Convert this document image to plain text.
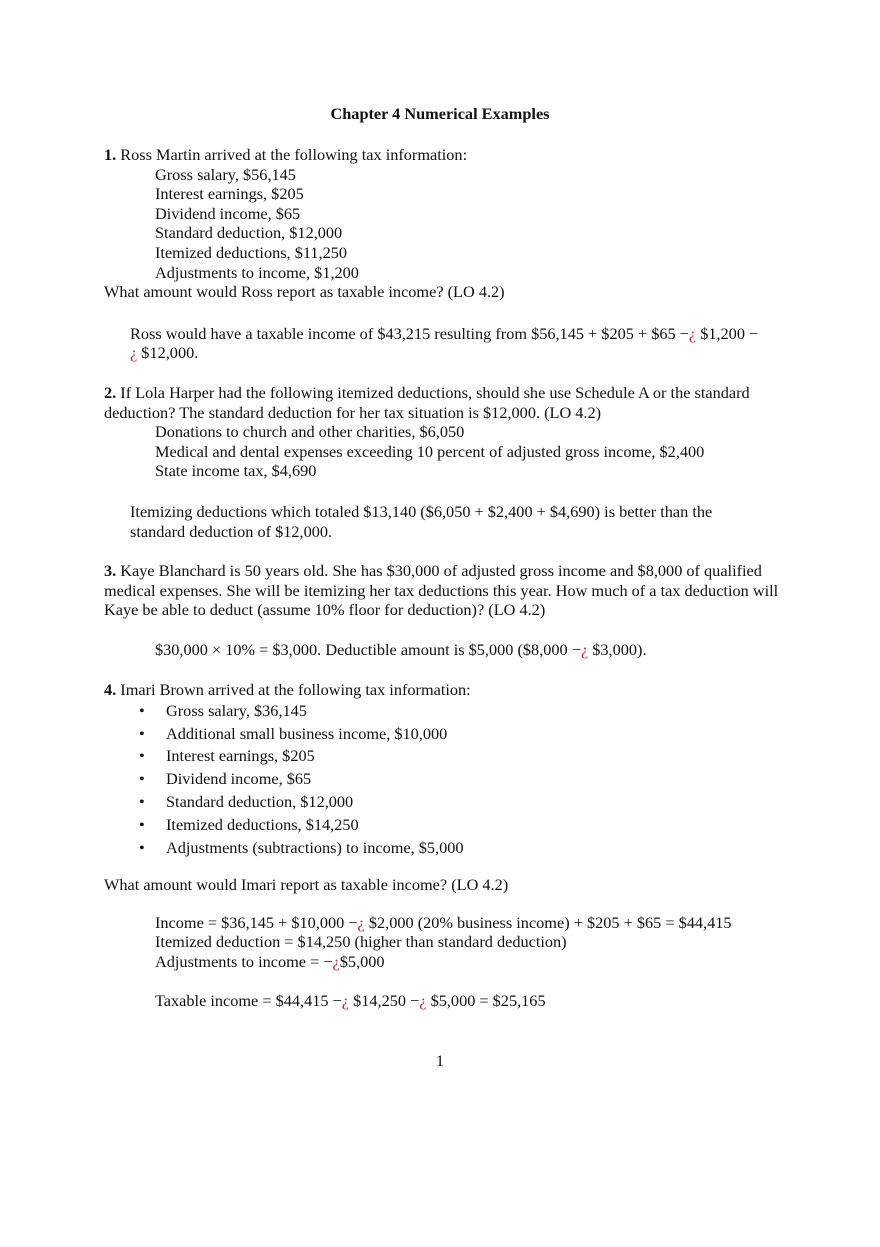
Chapter 4 Numerical Examples
1. Ross Martin arrived at the following tax information:
Gross salary, $56,145
Interest earnings, $205
Dividend income, $65
Standard deduction, $12,000
Itemized deductions, $11,250
Adjustments to income, $1,200
What amount would Ross report as taxable income? (LO 4.2)
Ross would have a taxable income of $43,215 resulting from $56,145 + $205 + $65 −¿ $1,200 −¿ $12,000.
2. If Lola Harper had the following itemized deductions, should she use Schedule A or the standard deduction? The standard deduction for her tax situation is $12,000. (LO 4.2)
Donations to church and other charities, $6,050
Medical and dental expenses exceeding 10 percent of adjusted gross income, $2,400
State income tax, $4,690
Itemizing deductions which totaled $13,140 ($6,050 + $2,400 + $4,690) is better than the standard deduction of $12,000.
3. Kaye Blanchard is 50 years old. She has $30,000 of adjusted gross income and $8,000 of qualified medical expenses. She will be itemizing her tax deductions this year. How much of a tax deduction will Kaye be able to deduct (assume 10% floor for deduction)? (LO 4.2)
$30,000 × 10% = $3,000. Deductible amount is $5,000 ($8,000 −¿ $3,000).
4. Imari Brown arrived at the following tax information:
• Gross salary, $36,145
• Additional small business income, $10,000
• Interest earnings, $205
• Dividend income, $65
• Standard deduction, $12,000
• Itemized deductions, $14,250
• Adjustments (subtractions) to income, $5,000
What amount would Imari report as taxable income? (LO 4.2)
Income = $36,145 + $10,000 −¿ $2,000 (20% business income) + $205 + $65 = $44,415
Itemized deduction = $14,250 (higher than standard deduction)
Adjustments to income = −¿$5,000
Taxable income = $44,415 −¿ $14,250 −¿ $5,000 = $25,165
1
